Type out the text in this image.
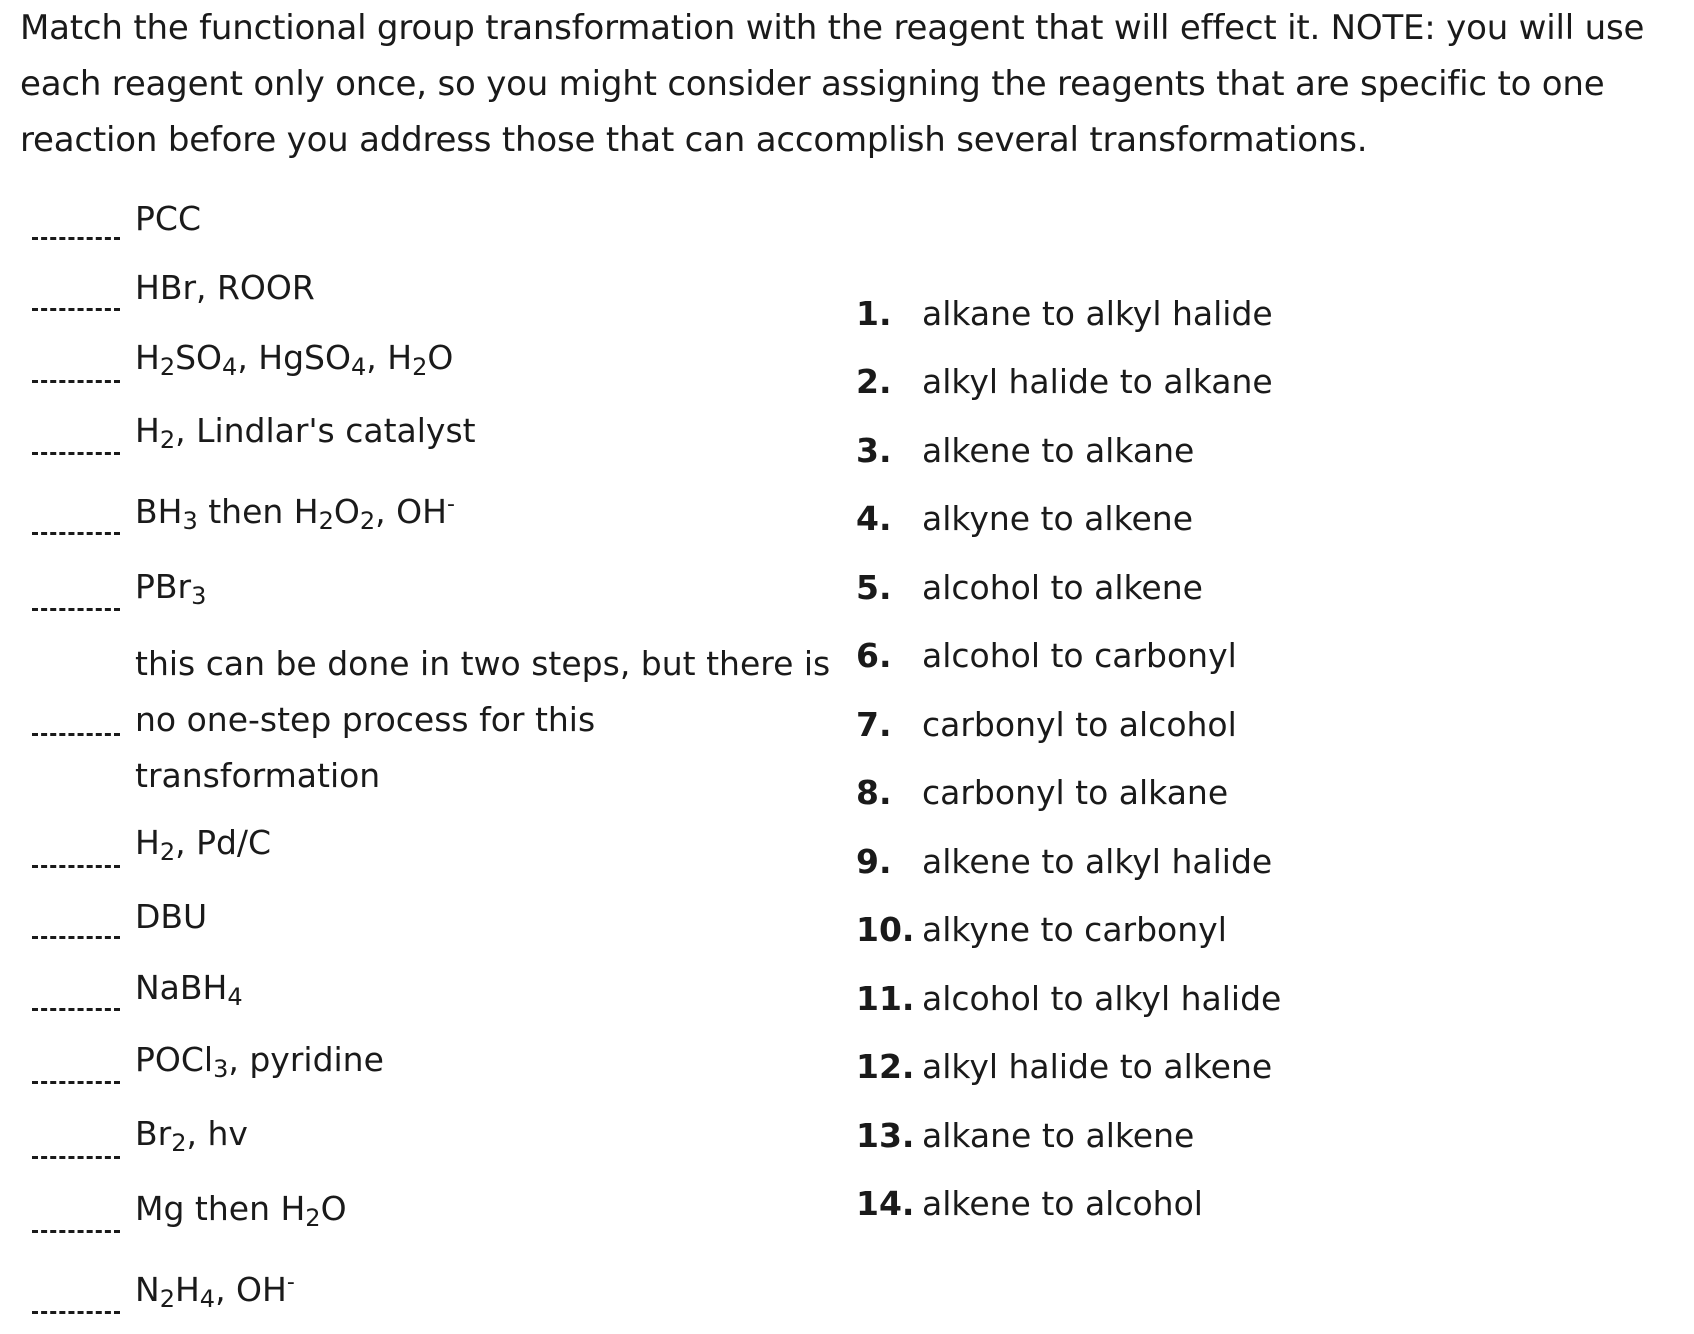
Match the functional group transformation with the reagent that will effect it. NOTE: you will use each reagent only once, so you might consider assigning the reagents that are specific to one reaction before you address those that can accomplish several transformations.
PCC
HBr, ROOR
$H_2SO_4$, HgSO$_4$, $H_2O$
$H_2$, Lindlar's catalyst
$BH_3$ then $H_2O_2$, OH-
PBr$_3$
this can be done in two steps, but there is no one-step process for this transformation
$H_2$, Pd/C
DBU
NaBH$_4$
POCl$_3$, pyridine
$Br_2$, hv
Mg then $H_2O$
$N_2H_4$, OH-
1. alkane to alkyl halide
2. alkyl halide to alkane
3. alkene to alkane
4. alkyne to alkene
5. alcohol to alkene
6. alcohol to carbonyl
7. carbonyl to alcohol
8. carbonyl to alkane
9. alkene to alkyl halide
10. alkyne to carbonyl
11. alcohol to alkyl halide
12. alkyl halide to alkene
13. alkane to alkene
14. alkene to alcohol
